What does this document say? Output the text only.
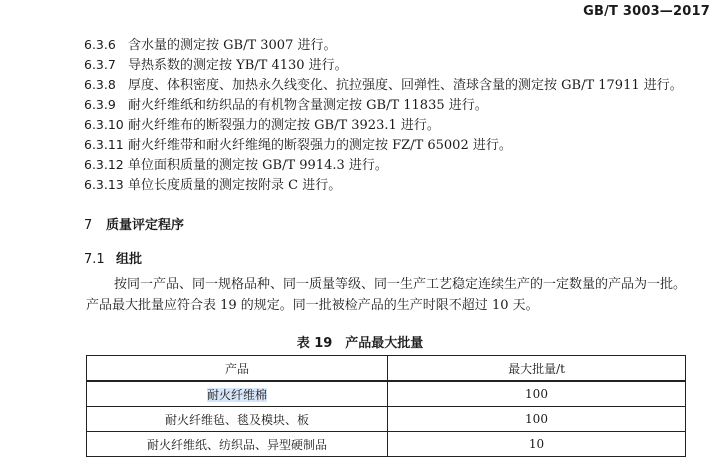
GB/T 3003—2017
6.3.6 含水量的测定按 GB/T 3007 进行。
6.3.7 导热系数的测定按 YB/T 4130 进行。
6.3.8 厚度、体积密度、加热永久线变化、抗拉强度、回弹性、渣球含量的测定按 GB/T 17911 进行。
6.3.9 耐火纤维纸和纺织品的有机物含量测定按 GB/T 11835 进行。
6.3.10 耐火纤维布的断裂强力的测定按 GB/T 3923.1 进行。
6.3.11 耐火纤维带和耐火纤维绳的断裂强力的测定按 FZ/T 65002 进行。
6.3.12 单位面积质量的测定按 GB/T 9914.3 进行。
6.3.13 单位长度质量的测定按附录 C 进行。
7 质量评定程序
7.1 组批
按同一产品、同一规格品种、同一质量等级、同一生产工艺稳定连续生产的一定数量的产品为一批。
产品最大批量应符合表 19 的规定。同一批被检产品的生产时限不超过 10 天。
表 19　产品最大批量
产品	最大批量/t
耐火纤维棉	100
耐火纤维毡、毯及模块、板	100
耐火纤维纸、纺织品、异型硬制品	10
